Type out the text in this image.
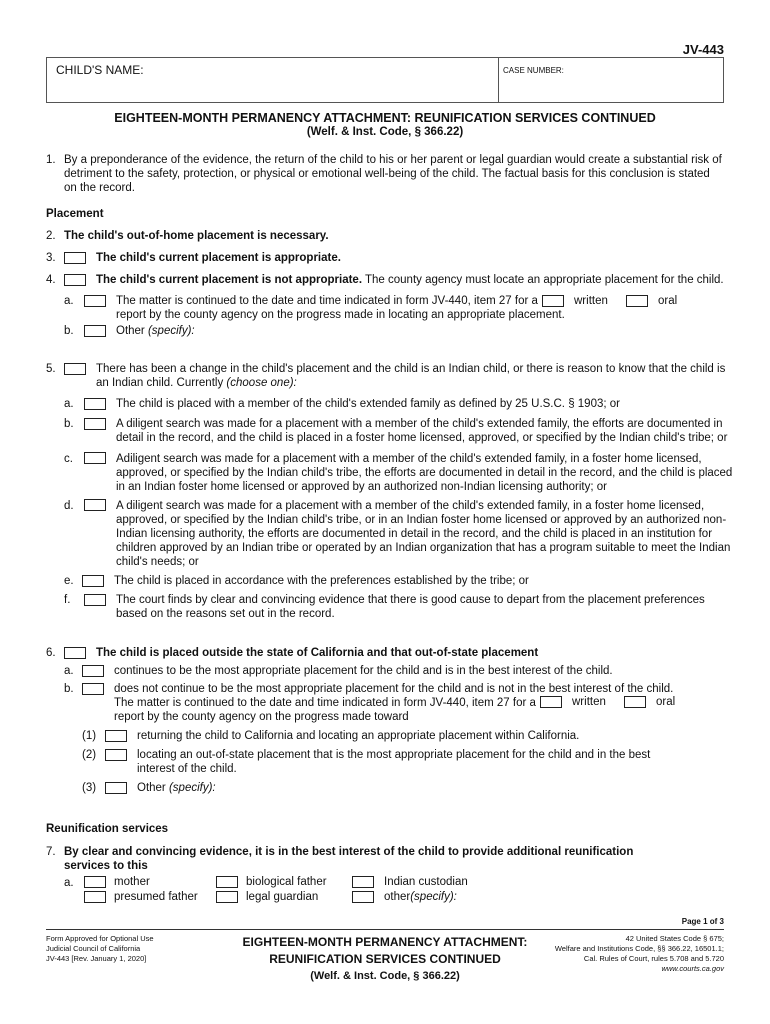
JV-443
CHILD'S NAME:	CASE NUMBER:
EIGHTEEN-MONTH PERMANENCY ATTACHMENT: REUNIFICATION SERVICES CONTINUED
(Welf. & Inst. Code, § 366.22)
1. By a preponderance of the evidence, the return of the child to his or her parent or legal guardian would create a substantial risk of
detriment to the safety, protection, or physical or emotional well-being of the child. The factual basis for this conclusion is stated
on the record.
Placement
2. The child's out-of-home placement is necessary.
3.	The child's current placement is appropriate.
4.	The child's current placement is not appropriate. The county agency must locate an appropriate placement for the child.
a.	The matter is continued to the date and time indicated in form JV-440, item 27 for a	written	oral
report by the county agency on the progress made in locating an appropriate placement.
b.	Other (specify):
5.	There has been a change in the child's placement and the child is an Indian child, or there is reason to know that the child is
an Indian child. Currently (choose one):
a.	The child is placed with a member of the child's extended family as defined by 25 U.S.C. § 1903; or
b.	A diligent search was made for a placement with a member of the child's extended family, the efforts are documented in
detail in the record, and the child is placed in a foster home licensed, approved, or specified by the Indian child's tribe; or
c.	Adiligent search was made for a placement with a member of the child's extended family, in a foster home licensed,
approved, or specified by the Indian child's tribe, the efforts are documented in detail in the record, and the child is placed
in an Indian foster home licensed or approved by an authorized non-Indian licensing authority; or
d.	A diligent search was made for a placement with a member of the child's extended family, in a foster home licensed,
approved, or specified by the Indian child's tribe, or in an Indian foster home licensed or approved by an authorized non-
Indian licensing authority, the efforts are documented in detail in the record, and the child is placed in an institution for
children approved by an Indian tribe or operated by an Indian organization that has a program suitable to meet the Indian
child's needs; or
e.	The child is placed in accordance with the preferences established by the tribe; or
f.	The court finds by clear and convincing evidence that there is good cause to depart from the placement preferences
based on the reasons set out in the record.
6.	The child is placed outside the state of California and that out-of-state placement
a.	continues to be the most appropriate placement for the child and is in the best interest of the child.
b.	does not continue to be the most appropriate placement for the child and is not in the best interest of the child.
The matter is continued to the date and time indicated in form JV-440, item 27 for a	written	oral
report by the county agency on the progress made toward
(1)	returning the child to California and locating an appropriate placement within California.
(2)	locating an out-of-state placement that is the most appropriate placement for the child and in the best
interest of the child.
(3)	Other (specify):
Reunification services
7. By clear and convincing evidence, it is in the best interest of the child to provide additional reunification
services to this
a.	mother
presumed father
biological father
legal guardian
Indian custodian
other(specify):
Page 1 of 3
Form Approved for Optional Use
Judicial Council of California
JV-443 [Rev. January 1, 2020]
EIGHTEEN-MONTH PERMANENCY ATTACHMENT:
REUNIFICATION SERVICES CONTINUED
(Welf. & Inst. Code, § 366.22)
42 United States Code § 675;
Welfare and Institutions Code, §§ 366.22, 16501.1;
Cal. Rules of Court, rules 5.708 and 5.720
www.courts.ca.gov
